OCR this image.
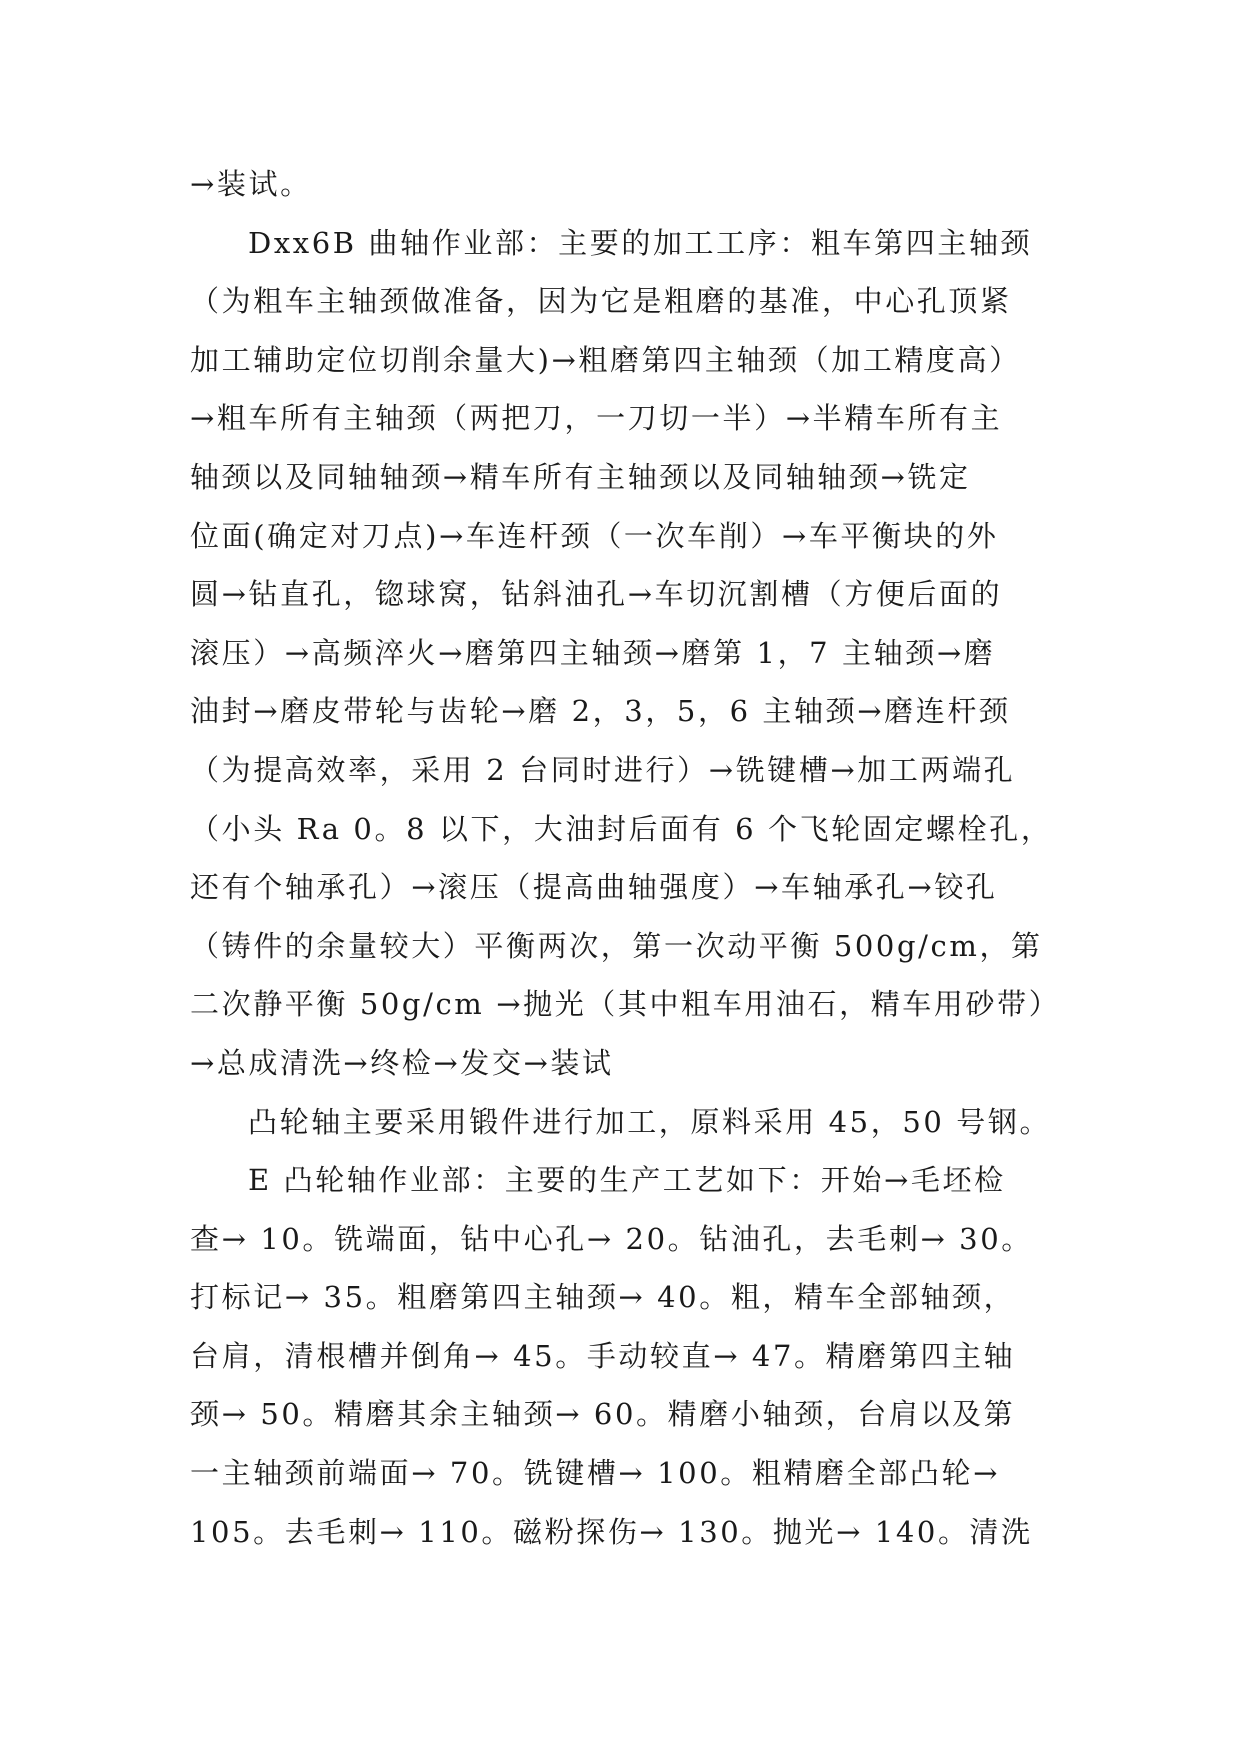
→装试。
Dxx6B 曲轴作业部：主要的加工工序：粗车第四主轴颈
（为粗车主轴颈做准备，因为它是粗磨的基准，中心孔顶紧
加工辅助定位切削余量大)→粗磨第四主轴颈（加工精度高）
→粗车所有主轴颈（两把刀，一刀切一半）→半精车所有主
轴颈以及同轴轴颈→精车所有主轴颈以及同轴轴颈→铣定
位面(确定对刀点)→车连杆颈（一次车削）→车平衡块的外
圆→钻直孔，锪球窝，钻斜油孔→车切沉割槽（方便后面的
滚压）→高频淬火→磨第四主轴颈→磨第 1，7 主轴颈→磨
油封→磨皮带轮与齿轮→磨 2，3，5，6 主轴颈→磨连杆颈
（为提高效率，采用 2 台同时进行）→铣键槽→加工两端孔
（小头 Ra 0。8 以下，大油封后面有 6 个飞轮固定螺栓孔，
还有个轴承孔）→滚压（提高曲轴强度）→车轴承孔→铰孔
（铸件的余量较大）平衡两次，第一次动平衡 500g/cm，第
二次静平衡 50g/cm →抛光（其中粗车用油石，精车用砂带）
→总成清洗→终检→发交→装试
凸轮轴主要采用锻件进行加工，原料采用 45，50 号钢。
E 凸轮轴作业部：主要的生产工艺如下：开始→毛坯检
查→ 10。铣端面，钻中心孔→ 20。钻油孔，去毛刺→ 30。
打标记→ 35。粗磨第四主轴颈→ 40。粗，精车全部轴颈，
台肩，清根槽并倒角→ 45。手动较直→ 47。精磨第四主轴
颈→ 50。精磨其余主轴颈→ 60。精磨小轴颈，台肩以及第
一主轴颈前端面→ 70。铣键槽→ 100。粗精磨全部凸轮→
105。去毛刺→ 110。磁粉探伤→ 130。抛光→ 140。清洗
